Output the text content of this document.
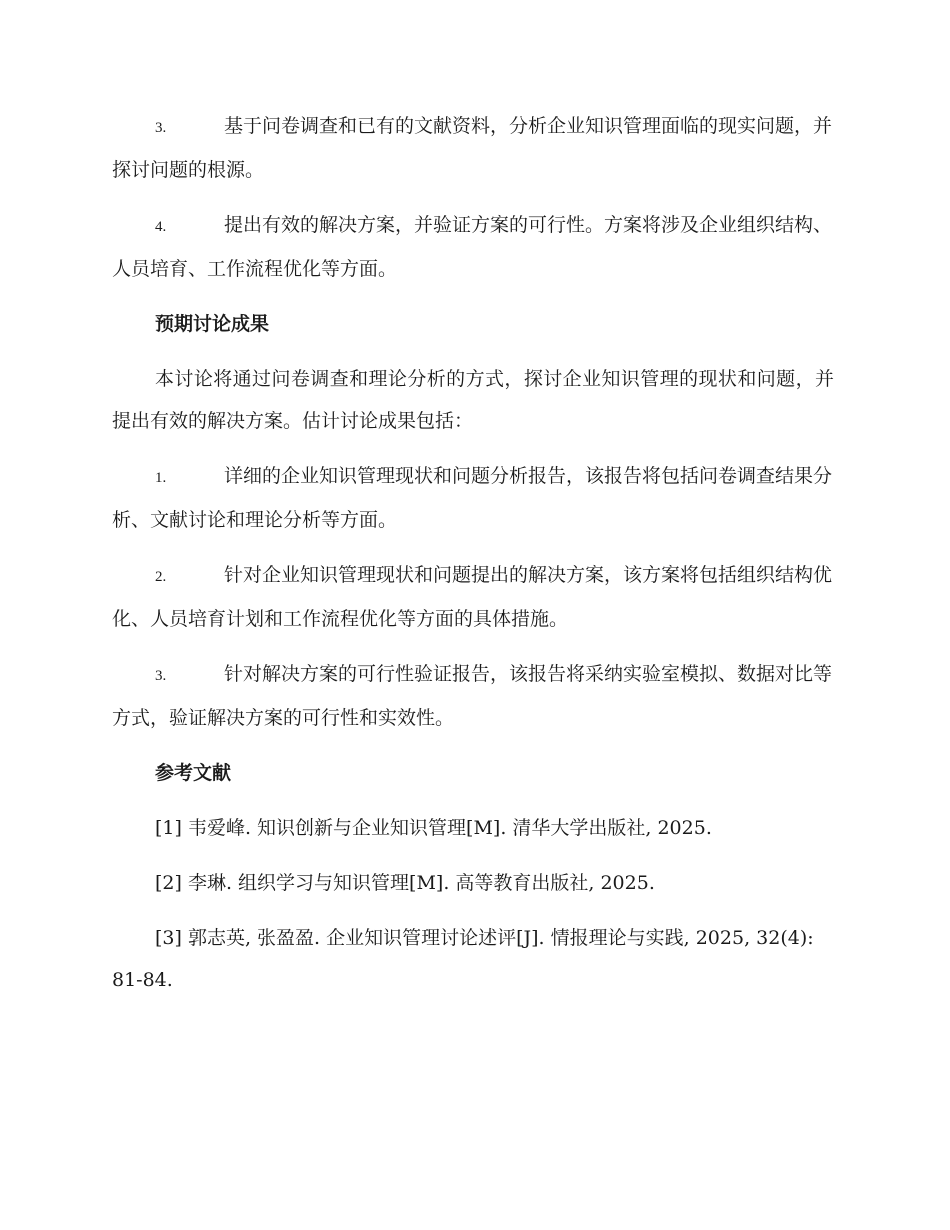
3.	基于问卷调查和已有的文献资料，分析企业知识管理面临的现实问题，并探讨问题的根源。
4.	提出有效的解决方案，并验证方案的可行性。方案将涉及企业组织结构、人员培育、工作流程优化等方面。
预期讨论成果

本讨论将通过问卷调查和理论分析的方式，探讨企业知识管理的现状和问题，并提出有效的解决方案。估计讨论成果包括：

1.	详细的企业知识管理现状和问题分析报告，该报告将包括问卷调查结果分析、文献讨论和理论分析等方面。
2.	针对企业知识管理现状和问题提出的解决方案，该方案将包括组织结构优化、人员培育计划和工作流程优化等方面的具体措施。
3.	针对解决方案的可行性验证报告，该报告将采纳实验室模拟、数据对比等方式，验证解决方案的可行性和实效性。
参考文献

[1] 韦爱峰. 知识创新与企业知识管理[M]. 清华大学出版社, 2025.

[2] 李琳. 组织学习与知识管理[M]. 高等教育出版社, 2025.

[3] 郭志英, 张盈盈. 企业知识管理讨论述评[J]. 情报理论与实践, 2025, 32(4): 81-84.
